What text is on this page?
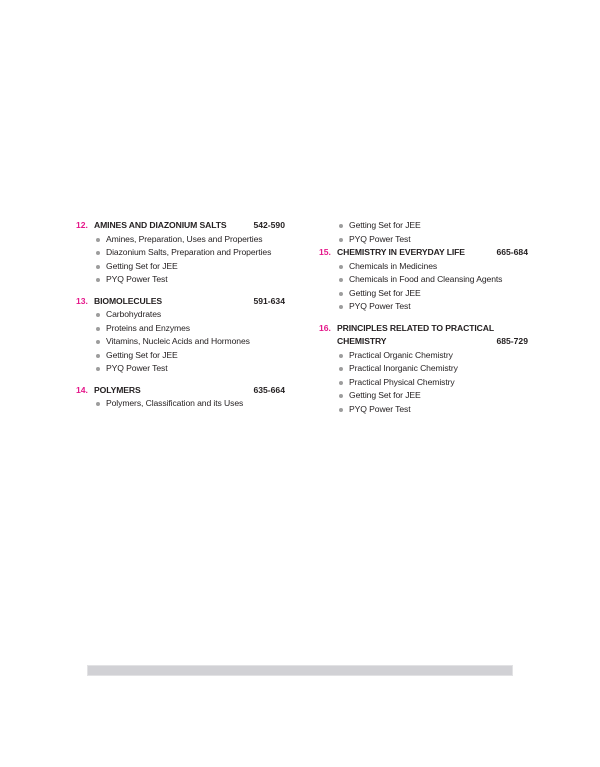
12. AMINES AND DIAZONIUM SALTS	542-590
Amines, Preparation, Uses and Properties
Diazonium Salts, Preparation and Properties
Getting Set for JEE
PYQ Power Test
13. BIOMOLECULES	591-634
Carbohydrates
Proteins and Enzymes
Vitamins, Nucleic Acids and Hormones
Getting Set for JEE
PYQ Power Test
14. POLYMERS	635-664
Polymers, Classification and its Uses
Getting Set for JEE
PYQ Power Test
15. CHEMISTRY IN EVERYDAY LIFE	665-684
Chemicals in Medicines
Chemicals in Food and Cleansing Agents
Getting Set for JEE
PYQ Power Test
16. PRINCIPLES RELATED TO PRACTICAL
CHEMISTRY	685-729
Practical Organic Chemistry
Practical Inorganic Chemistry
Practical Physical Chemistry
Getting Set for JEE
PYQ Power Test
